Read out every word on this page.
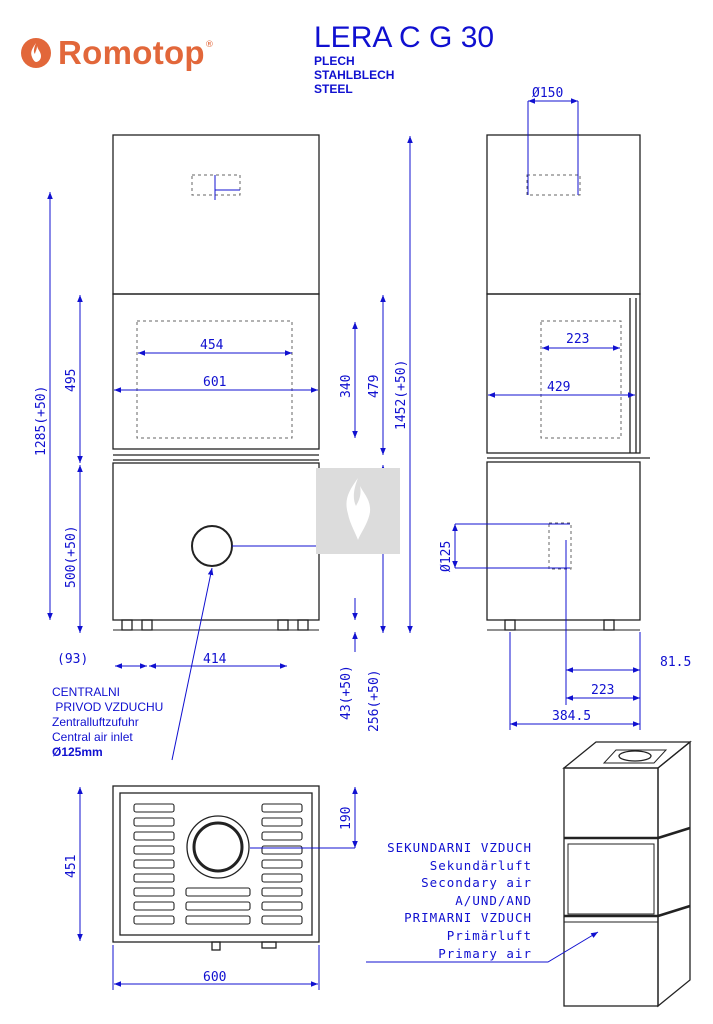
Romotop®	LERA C G 30
PLECH
STAHLBLECH
STEEL
454
601	340 479 1452(+50)
495
1285(+50)
500(+50)
256(+50)
43(+50)
(93)	414
Ø150
223
429
Ø125
81.5
223
384.5
451
190
600
CENTRALNI
PRIVOD VZDUCHU
Zentralluftzufuhr
Central air inlet
Ø125mm
SEKUNDARNI VZDUCH
Sekundärluft
Secondary air
A/UND/AND
PRIMARNI VZDUCH
Primärluft
Primary air
